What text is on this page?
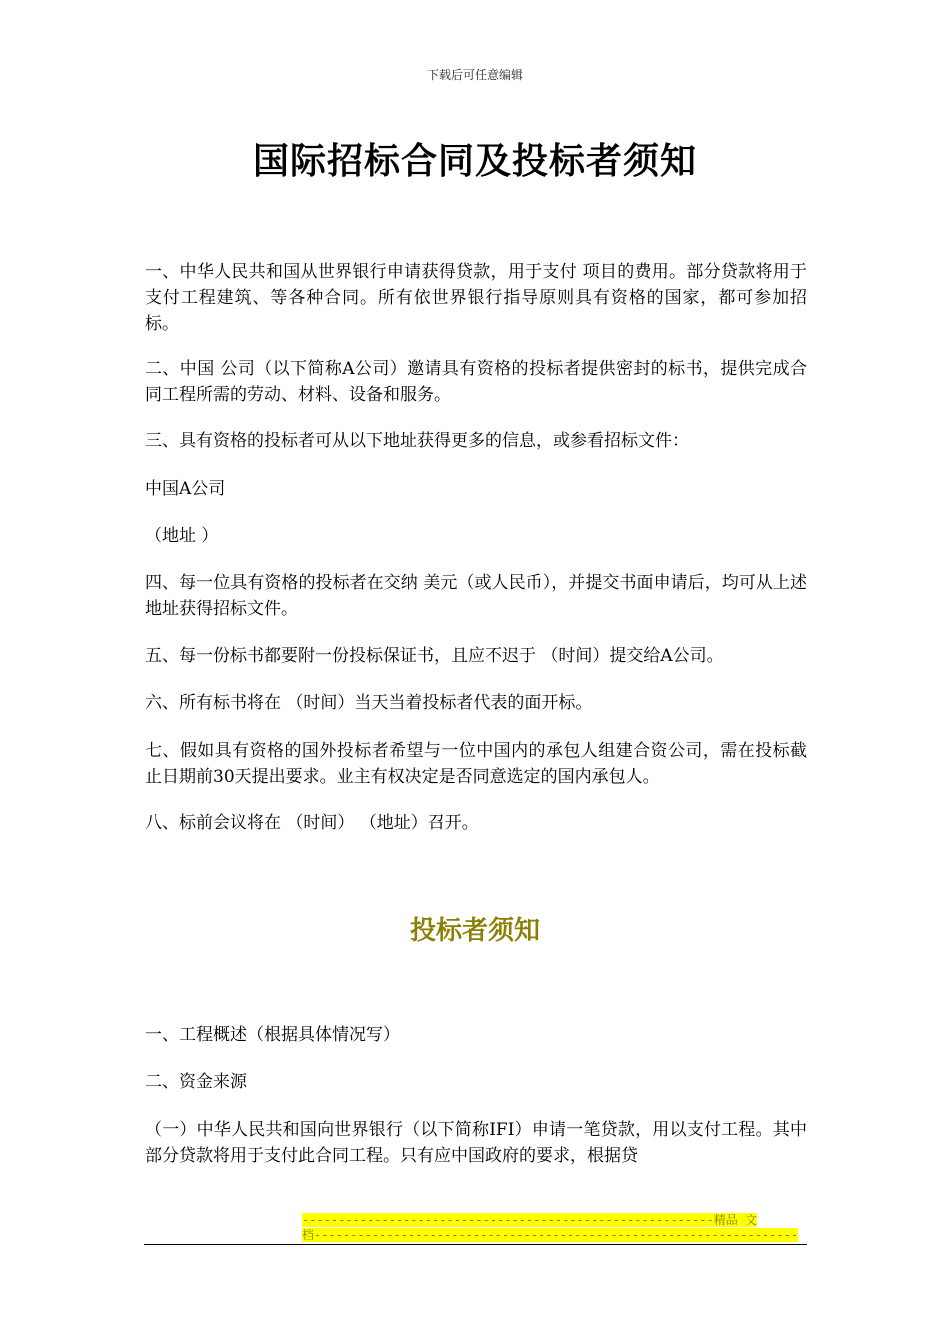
下载后可任意编辑
国际招标合同及投标者须知

一、中华人民共和国从世界银行申请获得贷款，用于支付 项目的费用。部分贷款将用于支付工程建筑、等各种合同。所有依世界银行指导原则具有资格的国家，都可参加招标。

二、中国 公司（以下简称A公司）邀请具有资格的投标者提供密封的标书，提供完成合同工程所需的劳动、材料、设备和服务。

三、具有资格的投标者可从以下地址获得更多的信息，或参看招标文件：

中国A公司

（地址 ）

四、每一位具有资格的投标者在交纳 美元（或人民币），并提交书面申请后，均可从上述地址获得招标文件。

五、每一份标书都要附一份投标保证书，且应不迟于 （时间）提交给A公司。

六、所有标书将在 （时间）当天当着投标者代表的面开标。

七、假如具有资格的国外投标者希望与一位中国内的承包人组建合资公司，需在投标截止日期前30天提出要求。业主有权决定是否同意选定的国内承包人。

八、标前会议将在 （时间） （地址）召开。

投标者须知

一、工程概述（根据具体情况写）

二、资金来源

（一）中华人民共和国向世界银行（以下简称IFI）申请一笔贷款，用以支付工程。其中部分贷款将用于支付此合同工程。只有应中国政府的要求，根据贷

---------------------------------------------------------精品 文
档-------------------------------------------------------------------
